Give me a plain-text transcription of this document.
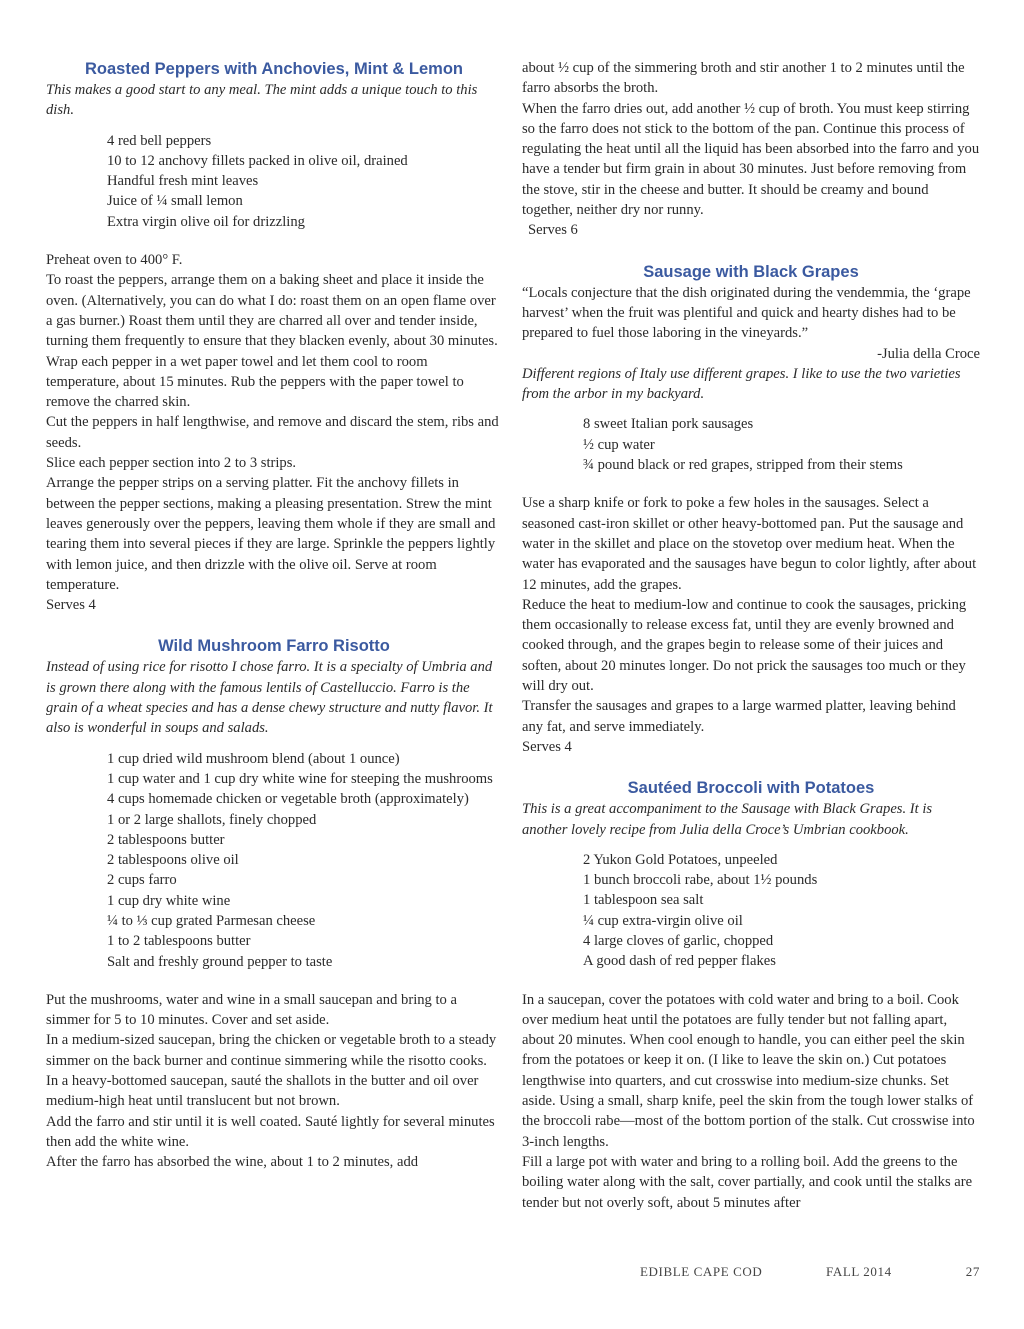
Roasted Peppers with Anchovies, Mint & Lemon
This makes a good start to any meal. The mint adds a unique touch to this dish.
4 red bell peppers
10 to 12 anchovy fillets packed in olive oil, drained
Handful fresh mint leaves
Juice of ¼ small lemon
Extra virgin olive oil for drizzling
Preheat oven to 400° F.
To roast the peppers, arrange them on a baking sheet and place it inside the oven. (Alternatively, you can do what I do: roast them on an open flame over a gas burner.) Roast them until they are charred all over and tender inside, turning them frequently to ensure that they blacken evenly, about 30 minutes.
Wrap each pepper in a wet paper towel and let them cool to room temperature, about 15 minutes. Rub the peppers with the paper towel to remove the charred skin.
Cut the peppers in half lengthwise, and remove and discard the stem, ribs and seeds.
Slice each pepper section into 2 to 3 strips.
Arrange the pepper strips on a serving platter. Fit the anchovy fillets in between the pepper sections, making a pleasing presentation. Strew the mint leaves generously over the peppers, leaving them whole if they are small and tearing them into several pieces if they are large. Sprinkle the peppers lightly with lemon juice, and then drizzle with the olive oil. Serve at room temperature.
Serves 4
Wild Mushroom Farro Risotto
Instead of using rice for risotto I chose farro. It is a specialty of Umbria and is grown there along with the famous lentils of Castelluccio. Farro is the grain of a wheat species and has a dense chewy structure and nutty flavor. It also is wonderful in soups and salads.
1 cup dried wild mushroom blend (about 1 ounce)
1 cup water and 1 cup dry white wine for steeping the mushrooms
4 cups homemade chicken or vegetable broth (approximately)
1 or 2 large shallots, finely chopped
2 tablespoons butter
2 tablespoons olive oil
2 cups farro
1 cup dry white wine
¼ to ⅓ cup grated Parmesan cheese
1 to 2 tablespoons butter
Salt and freshly ground pepper to taste
Put the mushrooms, water and wine in a small saucepan and bring to a simmer for 5 to 10 minutes. Cover and set aside.
In a medium-sized saucepan, bring the chicken or vegetable broth to a steady simmer on the back burner and continue simmering while the risotto cooks. In a heavy-bottomed saucepan, sauté the shallots in the butter and oil over medium-high heat until translucent but not brown.
Add the farro and stir until it is well coated. Sauté lightly for several minutes then add the white wine.
After the farro has absorbed the wine, about 1 to 2 minutes, add
about ½ cup of the simmering broth and stir another 1 to 2 minutes until the farro absorbs the broth.
When the farro dries out, add another ½ cup of broth. You must keep stirring so the farro does not stick to the bottom of the pan. Continue this process of regulating the heat until all the liquid has been absorbed into the farro and you have a tender but firm grain in about 30 minutes. Just before removing from the stove, stir in the cheese and butter. It should be creamy and bound together, neither dry nor runny.
Serves 6
Sausage with Black Grapes
“Locals conjecture that the dish originated during the vendemmia, the ‘grape harvest’ when the fruit was plentiful and quick and hearty dishes had to be prepared to fuel those laboring in the vineyards.”
-Julia della Croce
Different regions of Italy use different grapes. I like to use the two varieties from the arbor in my backyard.
8 sweet Italian pork sausages
½ cup water
¾ pound black or red grapes, stripped from their stems
Use a sharp knife or fork to poke a few holes in the sausages. Select a seasoned cast-iron skillet or other heavy-bottomed pan. Put the sausage and water in the skillet and place on the stovetop over medium heat. When the water has evaporated and the sausages have begun to color lightly, after about 12 minutes, add the grapes.
Reduce the heat to medium-low and continue to cook the sausages, pricking them occasionally to release excess fat, until they are evenly browned and cooked through, and the grapes begin to release some of their juices and soften, about 20 minutes longer. Do not prick the sausages too much or they will dry out.
Transfer the sausages and grapes to a large warmed platter, leaving behind any fat, and serve immediately.
Serves 4
Sautéed Broccoli with Potatoes
This is a great accompaniment to the Sausage with Black Grapes. It is another lovely recipe from Julia della Croce’s Umbrian cookbook.
2 Yukon Gold Potatoes, unpeeled
1 bunch broccoli rabe, about 1½ pounds
1 tablespoon sea salt
¼ cup extra-virgin olive oil
4 large cloves of garlic, chopped
A good dash of red pepper flakes
In a saucepan, cover the potatoes with cold water and bring to a boil. Cook over medium heat until the potatoes are fully tender but not falling apart, about 20 minutes. When cool enough to handle, you can either peel the skin from the potatoes or keep it on. (I like to leave the skin on.) Cut potatoes lengthwise into quarters, and cut crosswise into medium-size chunks. Set aside. Using a small, sharp knife, peel the skin from the tough lower stalks of the broccoli rabe—most of the bottom portion of the stalk. Cut crosswise into 3-inch lengths.
Fill a large pot with water and bring to a rolling boil. Add the greens to the boiling water along with the salt, cover partially, and cook until the stalks are tender but not overly soft, about 5 minutes after
EDIBLE CAPE COD	FALL 2014	27
